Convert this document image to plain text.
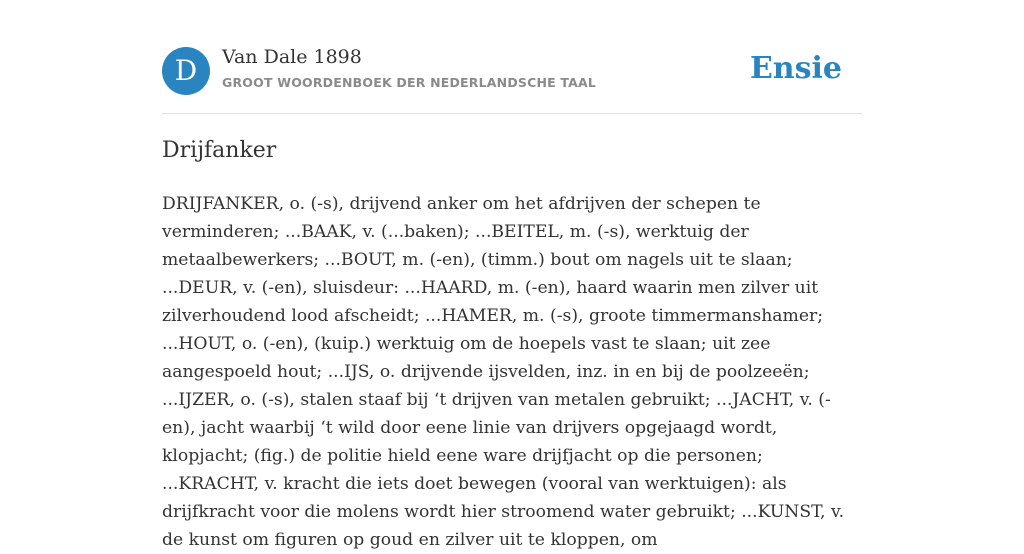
D	Van Dale 1898
GROOT WOORDENBOEK DER NEDERLANDSCHE TAAL	Ensie
Drijfanker

DRIJFANKER, o. (-s), drijvend anker om het afdrijven der schepen te verminderen; ...BAAK, v. (...baken); ...BEITEL, m. (-s), werktuig der metaalbewerkers; ...BOUT, m. (-en), (timm.) bout om nagels uit te slaan; ...DEUR, v. (-en), sluisdeur: ...HAARD, m. (-en), haard waarin men zilver uit zilverhoudend lood afscheidt; ...HAMER, m. (-s), groote timmermanshamer; ...HOUT, o. (-en), (kuip.) werktuig om de hoepels vast te slaan; uit zee aangespoeld hout; ...IJS, o. drijvende ijsvelden, inz. in en bij de poolzeeën; ...IJZER, o. (-s), stalen staaf bij ‘t drijven van metalen gebruikt; ...JACHT, v. (-en), jacht waarbij ‘t wild door eene linie van drijvers opgejaagd wordt, klopjacht; (fig.) de politie hield eene ware drijfjacht op die personen; ...KRACHT, v. kracht die iets doet bewegen (vooral van werktuigen): als drijfkracht voor die molens wordt hier stroomend water gebruikt; ...KUNST, v. de kunst om figuren op goud en zilver uit te kloppen, om
